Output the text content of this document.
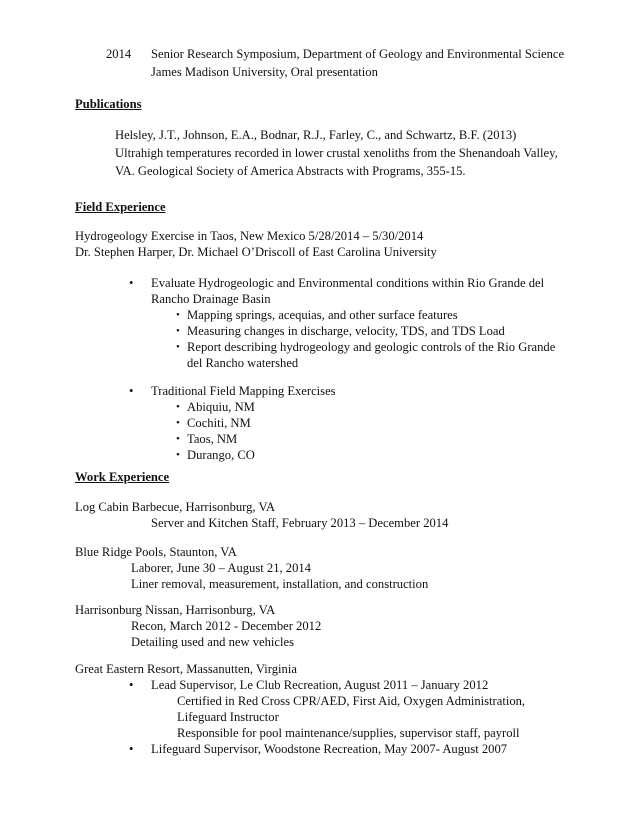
2014 Senior Research Symposium, Department of Geology and Environmental Science
James Madison University, Oral presentation
Publications
Helsley, J.T., Johnson, E.A., Bodnar, R.J., Farley, C., and Schwartz, B.F. (2013)
Ultrahigh temperatures recorded in lower crustal xenoliths from the Shenandoah Valley,
VA. Geological Society of America Abstracts with Programs, 355-15.
Field Experience
Hydrogeology Exercise in Taos, New Mexico 5/28/2014 – 5/30/2014
Dr. Stephen Harper, Dr. Michael O’Driscoll of East Carolina University
• Evaluate Hydrogeologic and Environmental conditions within Rio Grande del
Rancho Drainage Basin
• Mapping springs, acequias, and other surface features
• Measuring changes in discharge, velocity, TDS, and TDS Load
• Report describing hydrogeology and geologic controls of the Rio Grande
del Rancho watershed
• Traditional Field Mapping Exercises
• Abiquiu, NM
• Cochiti, NM
• Taos, NM
• Durango, CO
Work Experience
Log Cabin Barbecue, Harrisonburg, VA
Server and Kitchen Staff, February 2013 – December 2014
Blue Ridge Pools, Staunton, VA
Laborer, June 30 – August 21, 2014
Liner removal, measurement, installation, and construction
Harrisonburg Nissan, Harrisonburg, VA
Recon, March 2012 - December 2012
Detailing used and new vehicles
Great Eastern Resort, Massanutten, Virginia
• Lead Supervisor, Le Club Recreation, August 2011 – January 2012
Certified in Red Cross CPR/AED, First Aid, Oxygen Administration,
Lifeguard Instructor
Responsible for pool maintenance/supplies, supervisor staff, payroll
• Lifeguard Supervisor, Woodstone Recreation, May 2007- August 2007
